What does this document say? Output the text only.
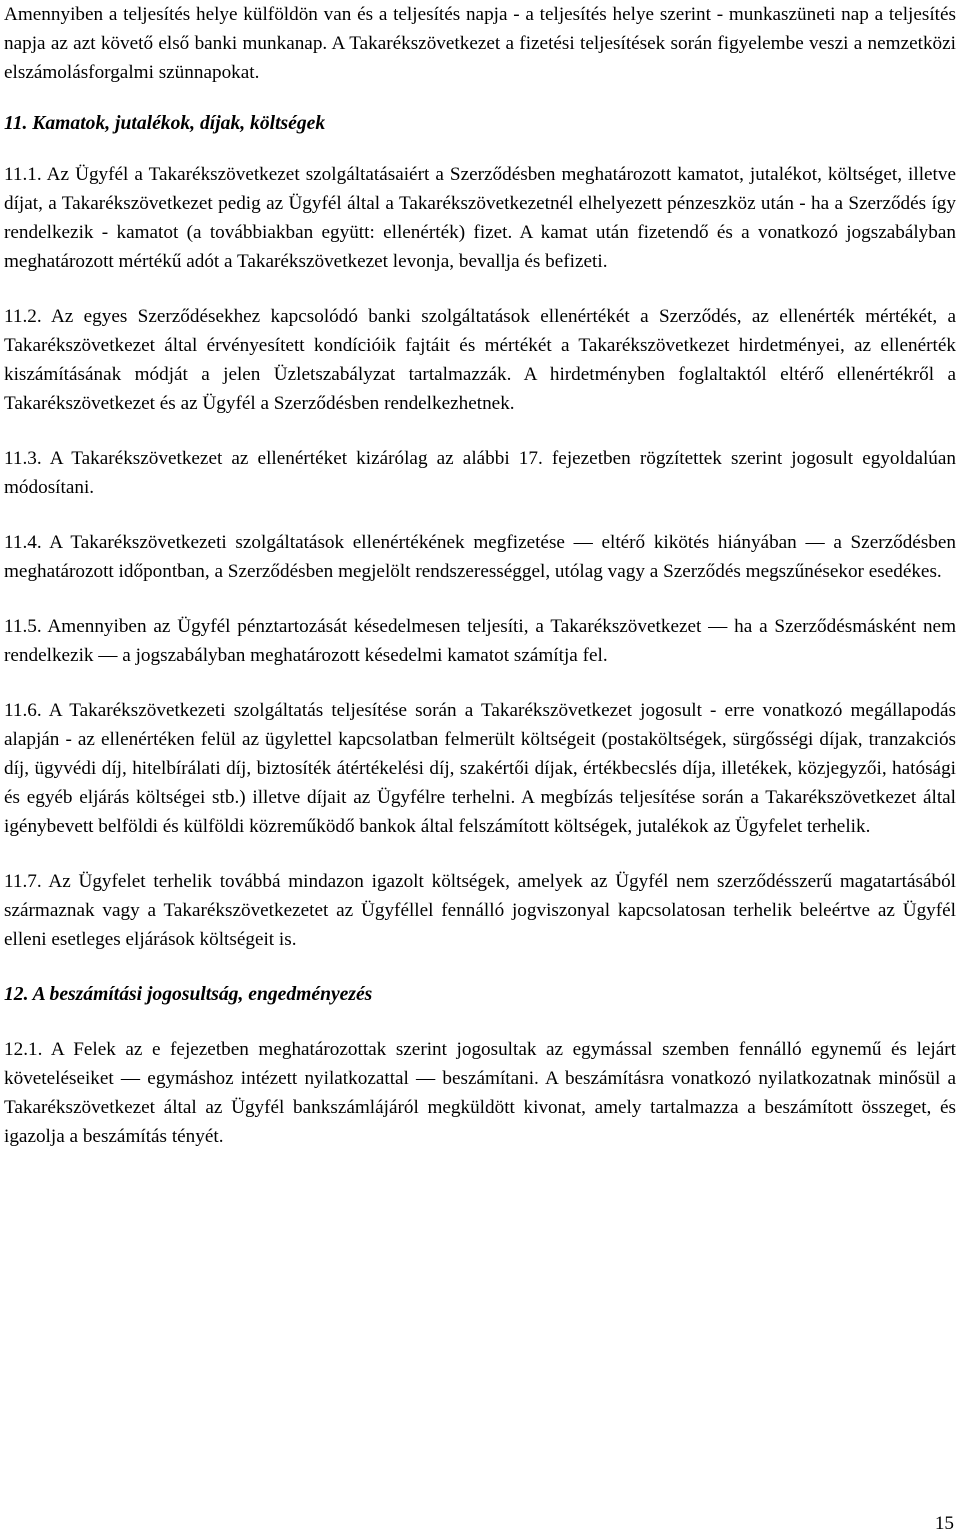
Amennyiben a teljesítés helye külföldön van és a teljesítés napja - a teljesítés helye szerint - munkaszüneti nap a teljesítés napja az azt követő első banki munkanap. A Takarékszövetkezet a fizetési teljesítések során figyelembe veszi a nemzetközi elszámolásforgalmi szünnapokat.

11. Kamatok, jutalékok, díjak, költségek

11.1. Az Ügyfél a Takarékszövetkezet szolgáltatásaiért a Szerződésben meghatározott kamatot, jutalékot, költséget, illetve díjat, a Takarékszövetkezet pedig az Ügyfél által a Takarékszövetkezetnél elhelyezett pénzeszköz után - ha a Szerződés így rendelkezik - kamatot (a továbbiakban együtt: ellenérték) fizet. A kamat után fizetendő és a vonatkozó jogszabályban meghatározott mértékű adót a Takarékszövetkezet levonja, bevallja és befizeti.

11.2. Az egyes Szerződésekhez kapcsolódó banki szolgáltatások ellenértékét a Szerződés, az ellenérték mértékét, a Takarékszövetkezet által érvényesített kondícióik fajtáit és mértékét a Takarékszövetkezet hirdetményei, az ellenérték kiszámításának módját a jelen Üzletszabályzat tartalmazzák. A hirdetményben foglaltaktól eltérő ellenértékről a Takarékszövetkezet és az Ügyfél a Szerződésben rendelkezhetnek.

11.3. A Takarékszövetkezet az ellenértéket kizárólag az alábbi 17. fejezetben rögzítettek szerint jogosult egyoldalúan módosítani.

11.4. A Takarékszövetkezeti szolgáltatások ellenértékének megfizetése — eltérő kikötés hiányában — a Szerződésben meghatározott időpontban, a Szerződésben megjelölt rendszerességgel, utólag vagy a Szerződés megszűnésekor esedékes.

11.5. Amennyiben az Ügyfél pénztartozását késedelmesen teljesíti, a Takarékszövetkezet — ha a Szerződésmásként nem rendelkezik — a jogszabályban meghatározott késedelmi kamatot számítja fel.

11.6. A Takarékszövetkezeti szolgáltatás teljesítése során a Takarékszövetkezet jogosult - erre vonatkozó megállapodás alapján - az ellenértéken felül az ügylettel kapcsolatban felmerült költségeit (postaköltségek, sürgősségi díjak, tranzakciós díj, ügyvédi díj, hitelbírálati díj, biztosíték átértékelési díj, szakértői díjak, értékbecslés díja, illetékek, közjegyzői, hatósági és egyéb eljárás költségei stb.) illetve díjait az Ügyfélre terhelni. A megbízás teljesítése során a Takarékszövetkezet által igénybevett belföldi és külföldi közreműködő bankok által felszámított költségek, jutalékok az Ügyfelet terhelik.

11.7. Az Ügyfelet terhelik továbbá mindazon igazolt költségek, amelyek az Ügyfél nem szerződésszerű magatartásából származnak vagy a Takarékszövetkezetet az Ügyféllel fennálló jogviszonyal kapcsolatosan terhelik beleértve az Ügyfél elleni esetleges eljárások költségeit is.

12. A beszámítási jogosultság, engedményezés

12.1. A Felek az e fejezetben meghatározottak szerint jogosultak az egymással szemben fennálló egynemű és lejárt követeléseiket — egymáshoz intézett nyilatkozattal — beszámítani. A beszámításra vonatkozó nyilatkozatnak minősül a Takarékszövetkezet által az Ügyfél bankszámlájáról megküldött kivonat, amely tartalmazza a beszámított összeget, és igazolja a beszámítás tényét.

15
